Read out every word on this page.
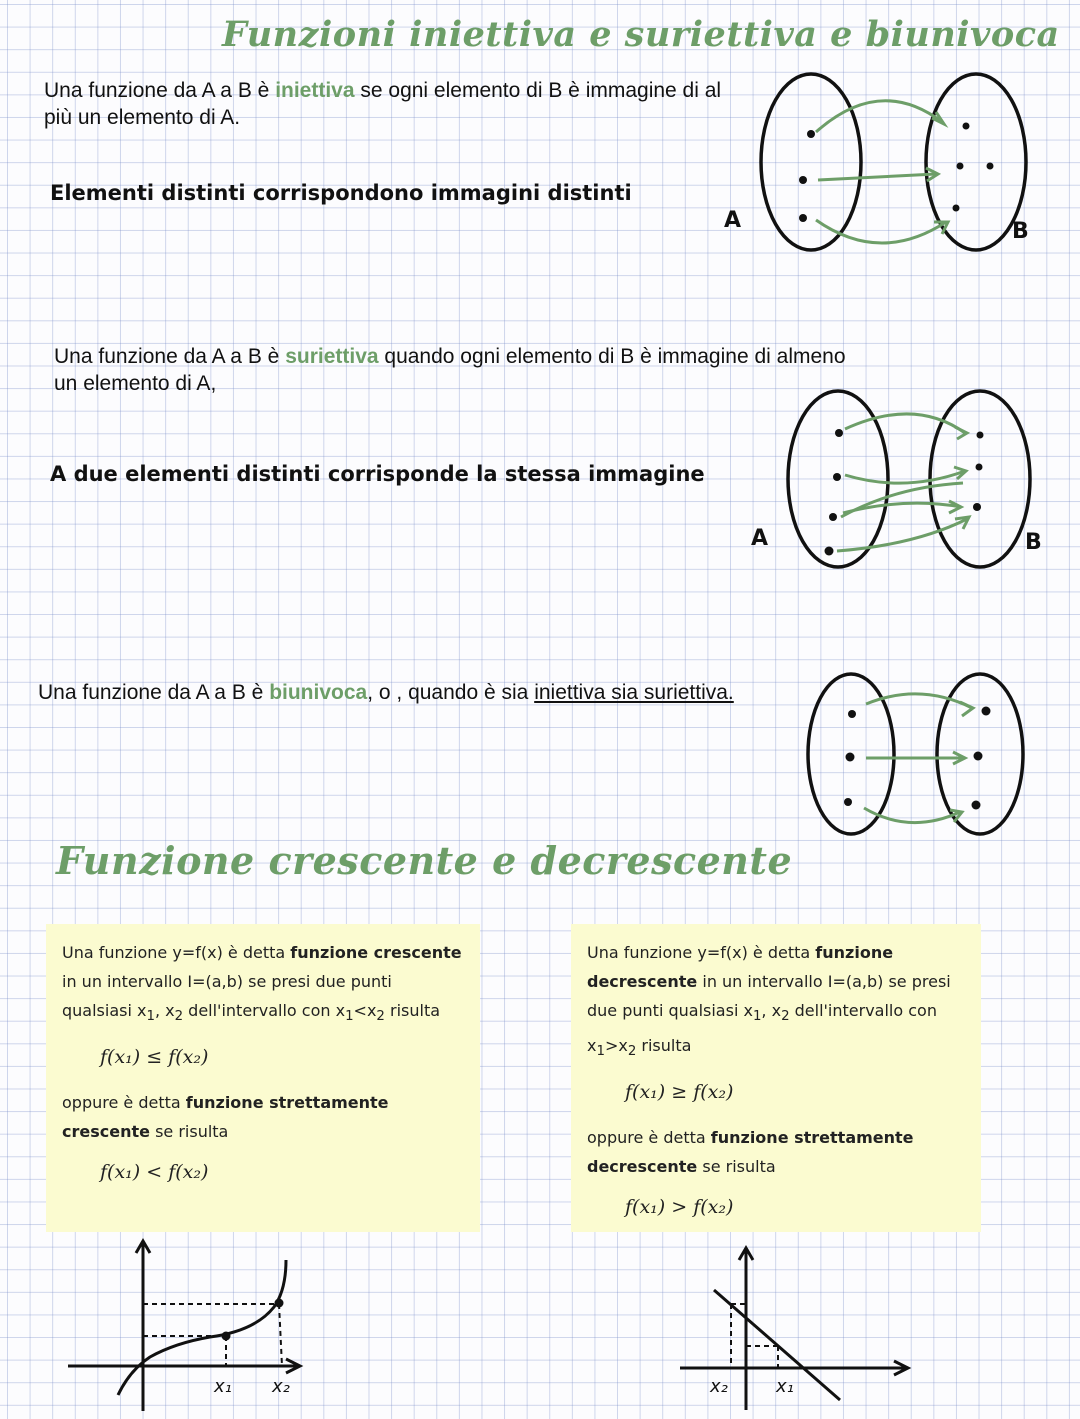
Funzioni iniettiva e suriettiva e biunivoca
Una funzione da A a B è iniettiva se ogni elemento di B è immagine di al più un elemento di A.
Elementi distinti corrispondono immagini distinti
A	B
Una funzione da A a B è suriettiva quando ogni elemento di B è immagine di almeno un elemento di A,
A due elementi distinti corrisponde la stessa immagine
A	B
Una funzione da A a B è biunivoca, o , quando è sia iniettiva sia suriettiva.
Funzione crescente e decrescente

Una funzione y=f(x) è detta funzione crescente in un intervallo I=(a,b) se presi due punti qualsiasi $x_1$, $x_2$ dell'intervallo con $x_1<x_2$ risulta

f(x₁) ≤ f(x₂)

oppure è detta funzione strettamente crescente se risulta

f(x₁) < f(x₂)

Una funzione y=f(x) è detta funzione decrescente in un intervallo I=(a,b) se presi due punti qualsiasi $x_1$, $x_2$ dell'intervallo con $x_1>x_2$ risulta

f(x₁) ≥ f(x₂)

oppure è detta funzione strettamente decrescente se risulta

f(x₁) > f(x₂)

x₁ x₂	x₂	x₁
